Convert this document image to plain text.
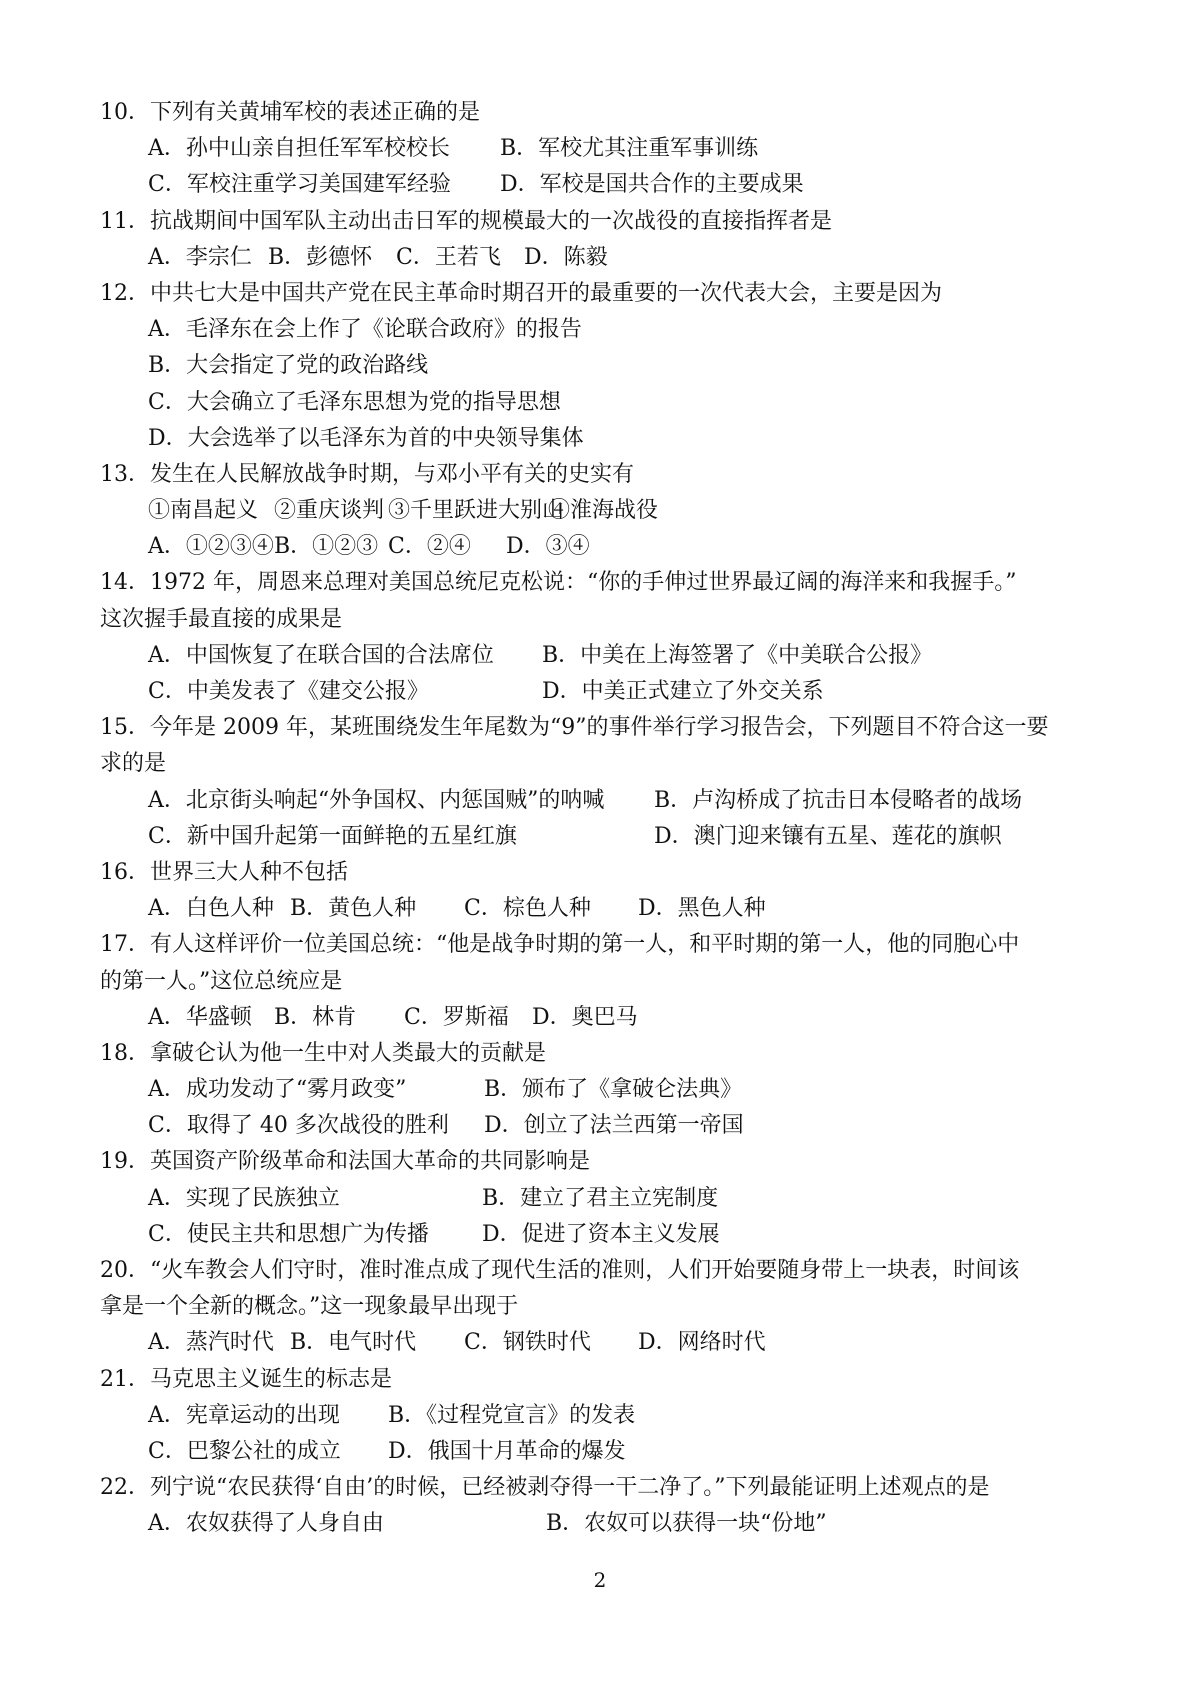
10．下列有关黄埔军校的表述正确的是
A．孙中山亲自担任军军校校长 B．军校尤其注重军事训练
C．军校注重学习美国建军经验 D．军校是国共合作的主要成果
11．抗战期间中国军队主动出击日军的规模最大的一次战役的直接指挥者是
A．李宗仁 B．彭德怀 C．王若飞 D．陈毅
12．中共七大是中国共产党在民主革命时期召开的最重要的一次代表大会，主要是因为
A．毛泽东在会上作了《论联合政府》的报告
B．大会指定了党的政治路线
C．大会确立了毛泽东思想为党的指导思想
D．大会选举了以毛泽东为首的中央领导集体
13．发生在人民解放战争时期，与邓小平有关的史实有
①南昌起义 ②重庆谈判 ③千里跃进大别山
④淮海战役
A．①②③④ B．①②③ C．②④ D．③④
14．1972 年，周恩来总理对美国总统尼克松说：“你的手伸过世界最辽阔的海洋来和我握手。”
这次握手最直接的成果是
A．中国恢复了在联合国的合法席位 B．中美在上海签署了《中美联合公报》
C．中美发表了《建交公报》	D．中美正式建立了外交关系
15．今年是 2009 年，某班围绕发生年尾数为“9”的事件举行学习报告会，下列题目不符合这一要
求的是
A．北京街头响起“外争国权、内惩国贼”的呐喊 B．卢沟桥成了抗击日本侵略者的战场
C．新中国升起第一面鲜艳的五星红旗	D．澳门迎来镶有五星、莲花的旗帜
16．世界三大人种不包括
A．白色人种 B．黄色人种 C．棕色人种 D．黑色人种
17．有人这样评价一位美国总统：“他是战争时期的第一人，和平时期的第一人，他的同胞心中
的第一人。”这位总统应是
A．华盛顿 B．林肯 C．罗斯福 D．奥巴马
18．拿破仑认为他一生中对人类最大的贡献是
A．成功发动了“雾月政变”	B．颁布了《拿破仑法典》
C．取得了 40 多次战役的胜利 D．创立了法兰西第一帝国
19．英国资产阶级革命和法国大革命的共同影响是
A．实现了民族独立	B．建立了君主立宪制度
C．使民主共和思想广为传播 D．促进了资本主义发展
20．“火车教会人们守时，准时准点成了现代生活的准则，人们开始要随身带上一块表，时间该
拿是一个全新的概念。”这一现象最早出现于
A．蒸汽时代 B．电气时代 C．钢铁时代 D．网络时代
21．马克思主义诞生的标志是
A．宪章运动的出现 B．《过程党宣言》的发表
C．巴黎公社的成立 D．俄国十月革命的爆发
22．列宁说“农民获得‘自由’的时候，已经被剥夺得一干二净了。”下列最能证明上述观点的是
A．农奴获得了人身自由	B．农奴可以获得一块“份地”
2
